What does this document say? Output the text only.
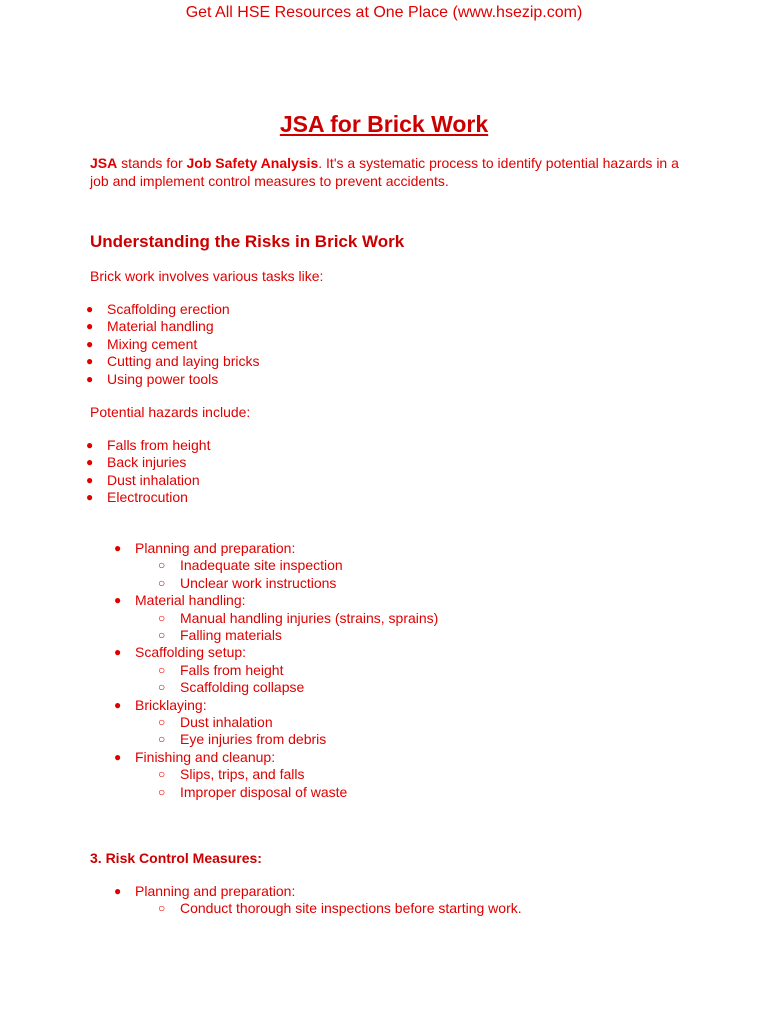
Get All HSE Resources at One Place (www.hsezip.com)
JSA for Brick Work
JSA stands for Job Safety Analysis. It's a systematic process to identify potential hazards in a job and implement control measures to prevent accidents.
Understanding the Risks in Brick Work
Brick work involves various tasks like:
● Scaffolding erection
● Material handling
● Mixing cement
● Cutting and laying bricks
● Using power tools
Potential hazards include:
● Falls from height
● Back injuries
● Dust inhalation
● Electrocution
● Planning and preparation:
○ Inadequate site inspection
○ Unclear work instructions
● Material handling:
○ Manual handling injuries (strains, sprains)
○ Falling materials
● Scaffolding setup:
○ Falls from height
○ Scaffolding collapse
● Bricklaying:
○ Dust inhalation
○ Eye injuries from debris
● Finishing and cleanup:
○ Slips, trips, and falls
○ Improper disposal of waste
3. Risk Control Measures:
● Planning and preparation:
○ Conduct thorough site inspections before starting work.
